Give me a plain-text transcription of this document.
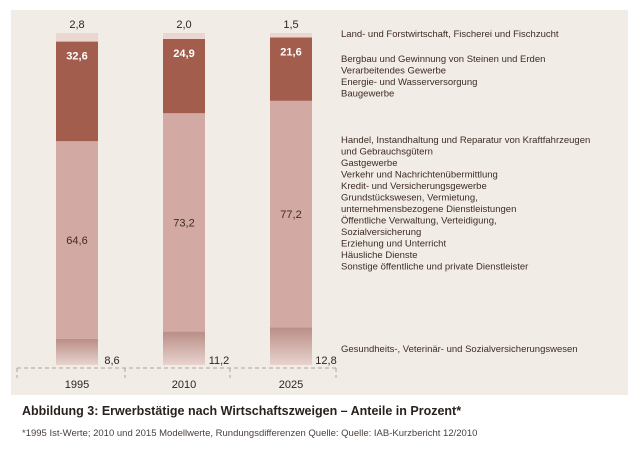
2,8
32,6
64,6
8,6
1995
2,0
24,9
73,2
11,2
2010
1,5
21,6
77,2
12,8
2025
Land- und Forstwirtschaft, Fischerei und Fischzucht
Bergbau und Gewinnung von Steinen und Erden
Verarbeitendes Gewerbe
Energie- und Wasserversorgung
Baugewerbe
Handel, Instandhaltung und Reparatur von Kraftfahrzeugen
und Gebrauchsgütern
Gastgewerbe
Verkehr und Nachrichtenübermittlung
Kredit- und Versicherungsgewerbe
Grundstückswesen, Vermietung,
unternehmensbezogene Dienstleistungen
Öffentliche Verwaltung, Verteidigung,
Sozialversicherung
Erziehung und Unterricht
Häusliche Dienste
Sonstige öffentliche und private Dienstleister
Gesundheits-, Veterinär- und Sozialversicherungswesen
Abbildung 3: Erwerbstätige nach Wirtschaftszweigen – Anteile in Prozent*
*1995 Ist-Werte; 2010 und 2015 Modellwerte, Rundungsdifferenzen Quelle: Quelle: IAB-Kurzbericht 12/2010
